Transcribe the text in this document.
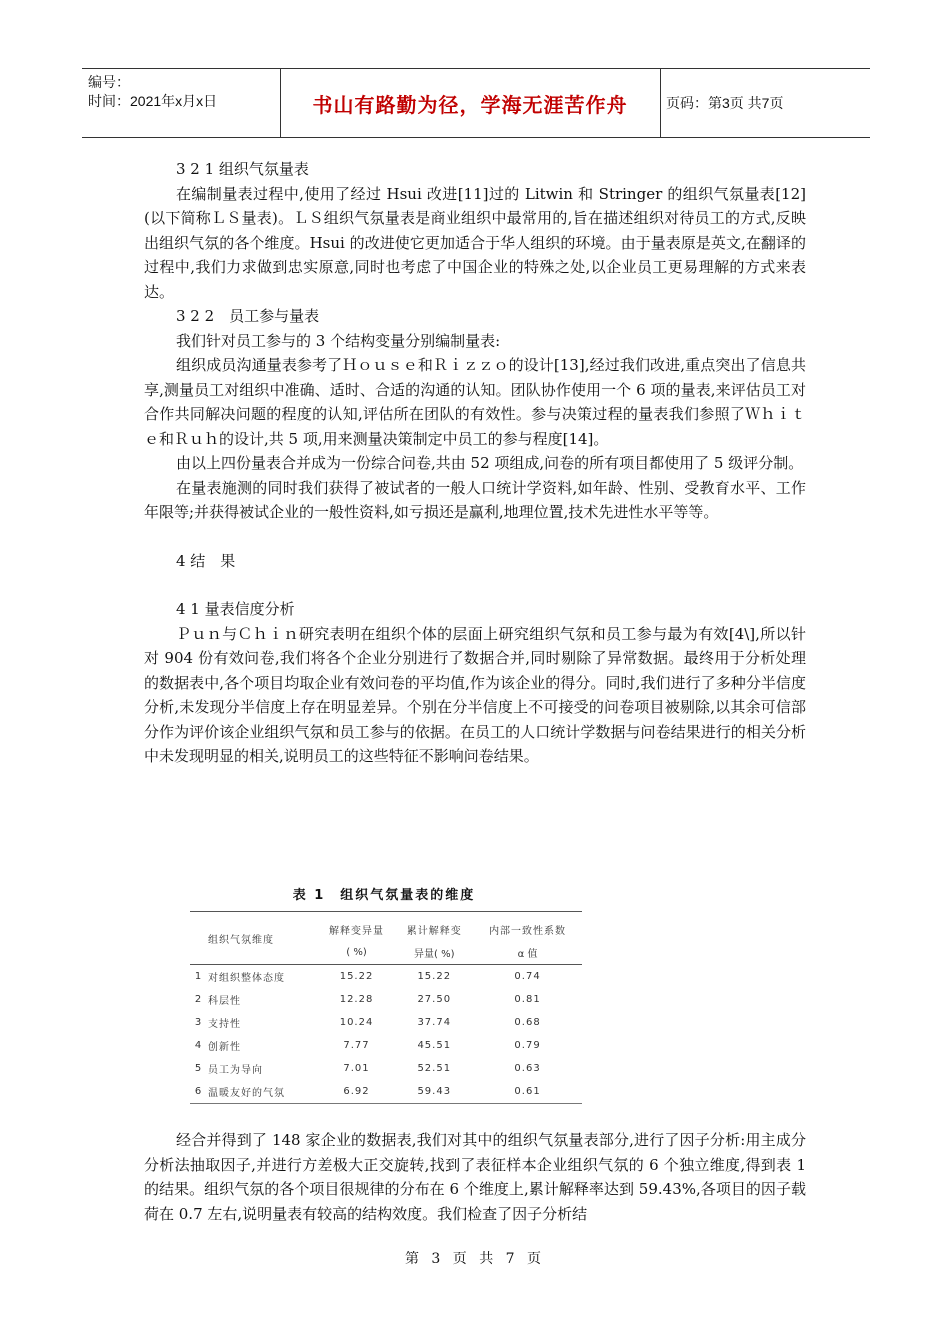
编号：
时间：2021年x月x日	书山有路勤为径，学海无涯苦作舟	页码：第3页 共7页

3 2 1 组织气氛量表

在编制量表过程中,使用了经过 Hsui 改进[11]过的 Litwin 和 Stringer 的组织气氛量表[12](以下简称ＬＳ量表)。ＬＳ组织气氛量表是商业组织中最常用的,旨在描述组织对待员工的方式,反映出组织气氛的各个维度。Hsui 的改进使它更加适合于华人组织的环境。由于量表原是英文,在翻译的过程中,我们力求做到忠实原意,同时也考虑了中国企业的特殊之处,以企业员工更易理解的方式来表达。

3 2 2　员工参与量表

我们针对员工参与的 3 个结构变量分别编制量表:

组织成员沟通量表参考了Ｈｏｕｓｅ和Ｒｉｚｚｏ的设计[13],经过我们改进,重点突出了信息共享,测量员工对组织中准确、适时、合适的沟通的认知。团队协作使用一个 6 项的量表,来评估员工对合作共同解决问题的程度的认知,评估所在团队的有效性。参与决策过程的量表我们参照了Ｗｈｉｔｅ和Ｒｕｈ的设计,共 5 项,用来测量决策制定中员工的参与程度[14]。

由以上四份量表合并成为一份综合问卷,共由 52 项组成,问卷的所有项目都使用了 5 级评分制。

在量表施测的同时我们获得了被试者的一般人口统计学资料,如年龄、性别、受教育水平、工作年限等;并获得被试企业的一般性资料,如亏损还是赢利,地理位置,技术先进性水平等等。

4 结　果

4 1 量表信度分析

Ｐｕｎ与Ｃｈｉｎ研究表明在组织个体的层面上研究组织气氛和员工参与最为有效[4\],所以针对 904 份有效问卷,我们将各个企业分别进行了数据合并,同时剔除了异常数据。最终用于分析处理的数据表中,各个项目均取企业有效问卷的平均值,作为该企业的得分。同时,我们进行了多种分半信度分析,未发现分半信度上存在明显差异。个别在分半信度上不可接受的问卷项目被剔除,以其余可信部分作为评价该企业组织气氛和员工参与的依据。在员工的人口统计学数据与问卷结果进行的相关分析中未发现明显的相关,说明员工的这些特征不影响问卷结果。

表 1　组织气氛量表的维度
组织气氛维度		解释变异量	累计解释变	内部一致性系数
		( %)	异量( %)	α 值
1	对组织整体态度	15.22	15.22	0.74
2	科层性	12.28	27.50	0.81
3	支持性	10.24	37.74	0.68
4	创新性	7.77	45.51	0.79
5	员工为导向	7.01	52.51	0.63
6	温暖友好的气氛	6.92	59.43	0.61

经合并得到了 148 家企业的数据表,我们对其中的组织气氛量表部分,进行了因子分析:用主成分分析法抽取因子,并进行方差极大正交旋转,找到了表征样本企业组织气氛的 6 个独立维度,得到表 1 的结果。组织气氛的各个项目很规律的分布在 6 个维度上,累计解释率达到 59.43%,各项目的因子载荷在 0.7 左右,说明量表有较高的结构效度。我们检查了因子分析结

第 3 页 共 7 页
